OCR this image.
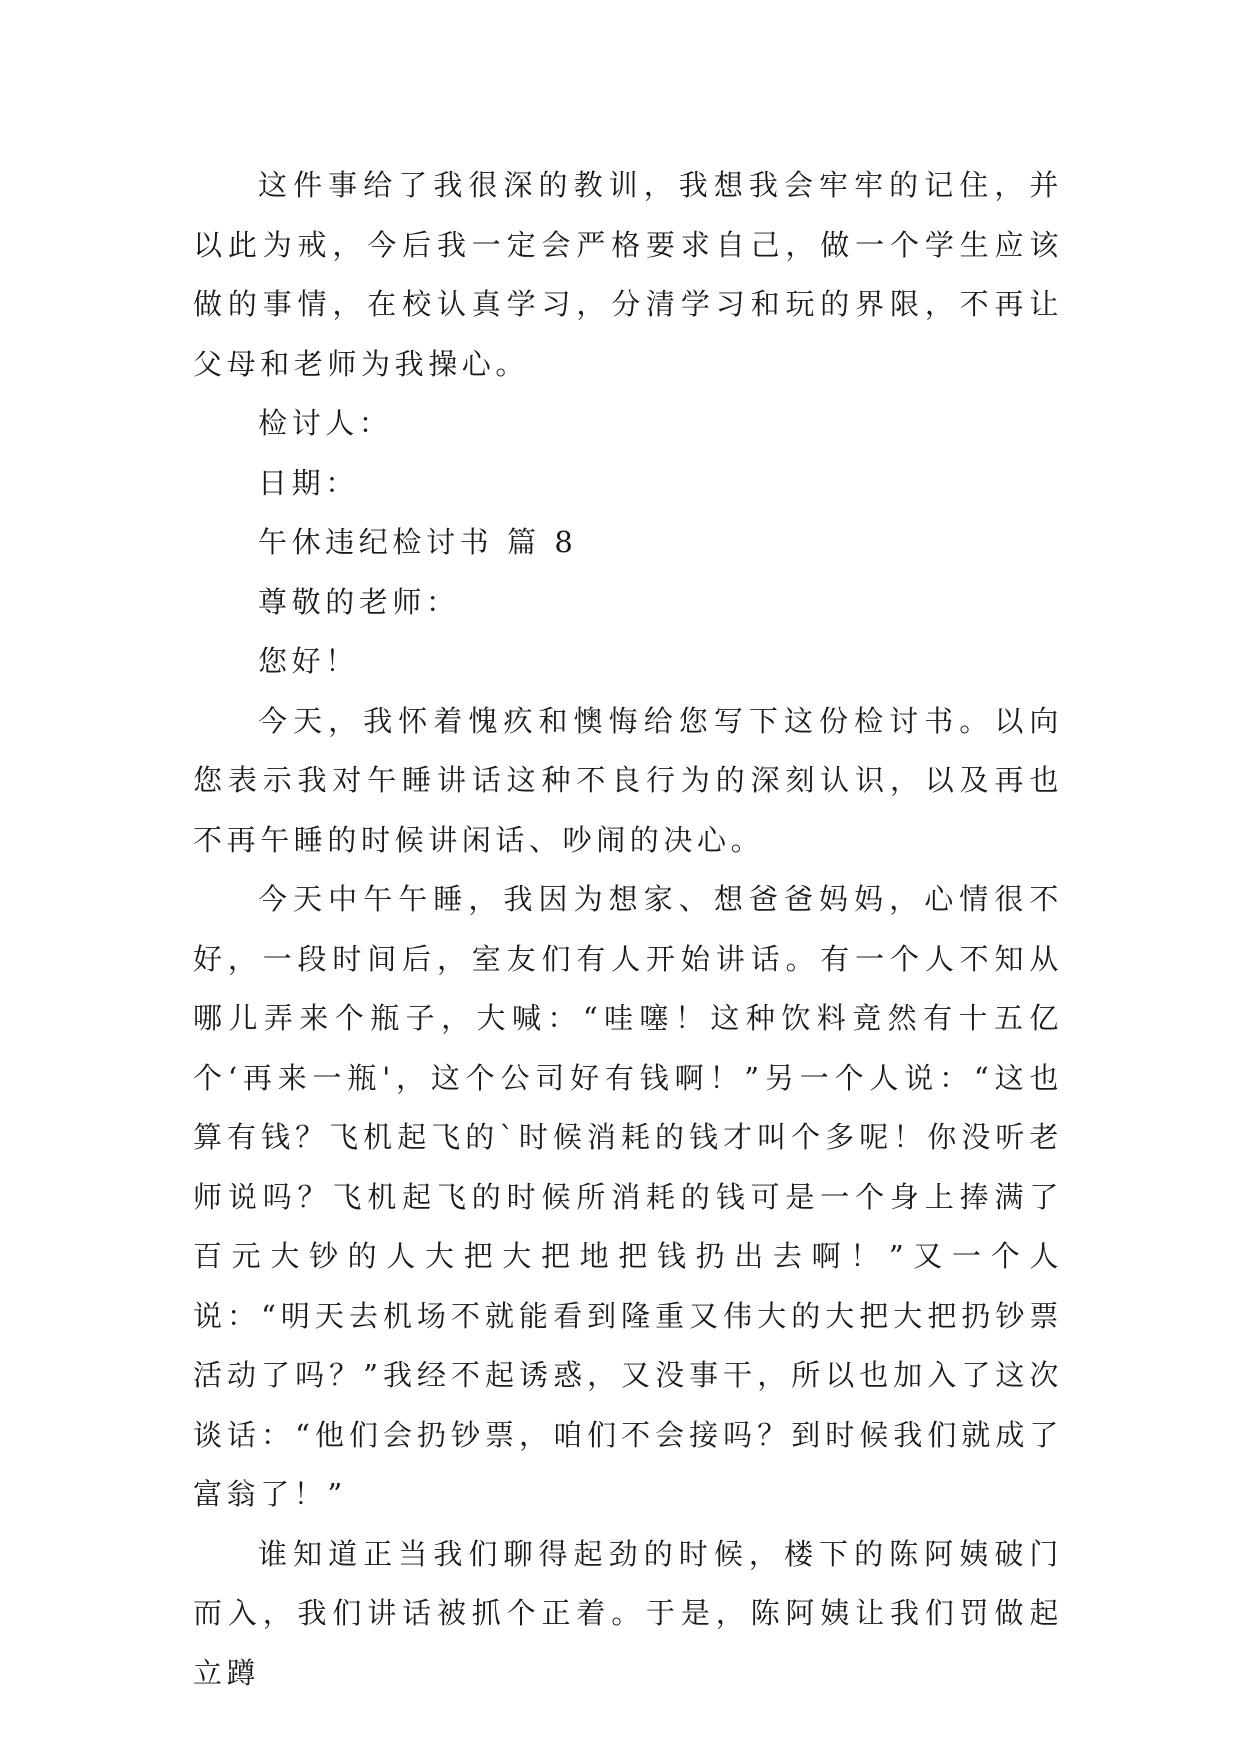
这件事给了我很深的教训，我想我会牢牢的记住，并以此为戒，今后我一定会严格要求自己，做一个学生应该做的事情，在校认真学习，分清学习和玩的界限，不再让父母和老师为我操心。

检讨人：

日期：

午休违纪检讨书 篇 8

尊敬的老师：

您好！

今天，我怀着愧疚和懊悔给您写下这份检讨书。以向您表示我对午睡讲话这种不良行为的深刻认识，以及再也不再午睡的时候讲闲话、吵闹的决心。

今天中午午睡，我因为想家、想爸爸妈妈，心情很不好，一段时间后，室友们有人开始讲话。有一个人不知从哪儿弄来个瓶子，大喊：“哇噻！这种饮料竟然有十五亿个‘再来一瓶'，这个公司好有钱啊！”另一个人说：“这也算有钱？飞机起飞的`时候消耗的钱才叫个多呢！你没听老师说吗？飞机起飞的时候所消耗的钱可是一个身上捧满了百元大钞的人大把大把地把钱扔出去啊！”又一个人说：“明天去机场不就能看到隆重又伟大的大把大把扔钞票活动了吗？”我经不起诱惑，又没事干，所以也加入了这次谈话：“他们会扔钞票，咱们不会接吗？到时候我们就成了富翁了！”

谁知道正当我们聊得起劲的时候，楼下的陈阿姨破门而入，我们讲话被抓个正着。于是，陈阿姨让我们罚做起立蹲
